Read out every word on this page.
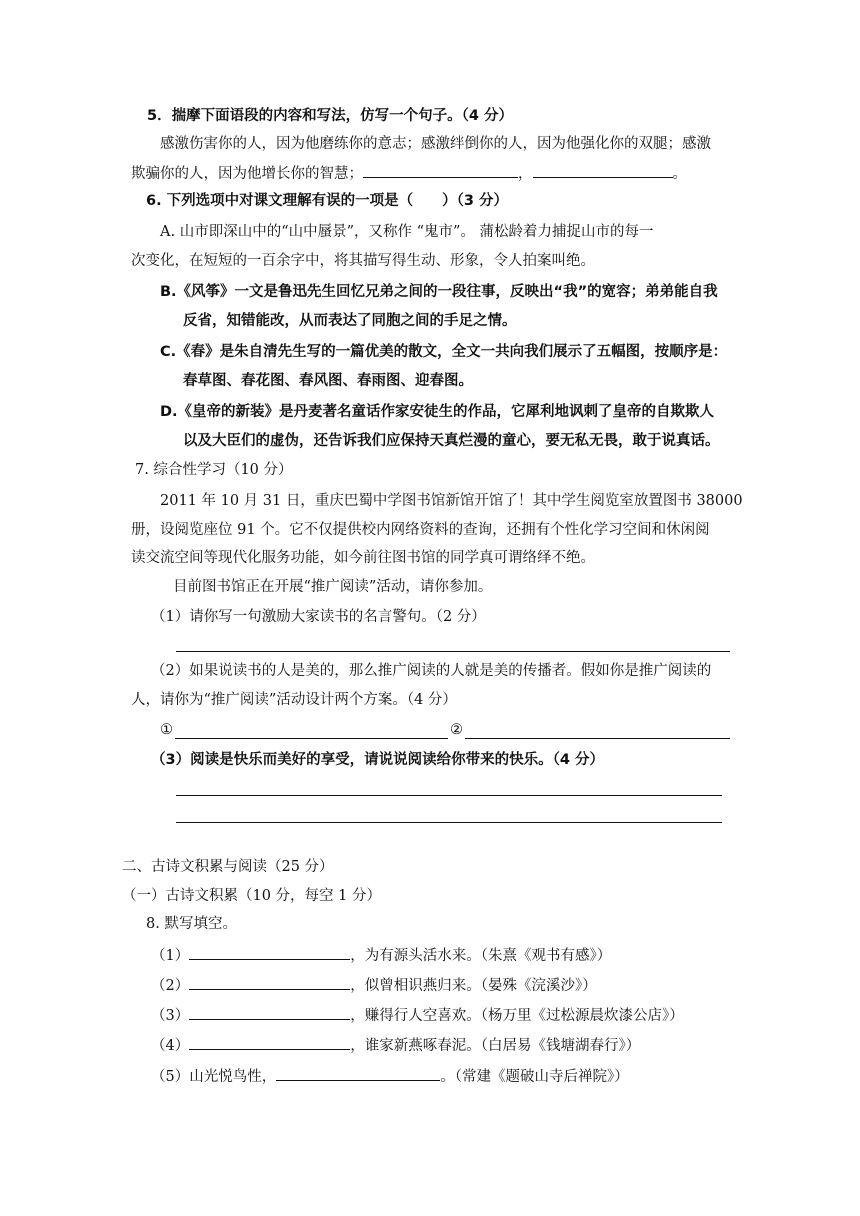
5．揣摩下面语段的内容和写法，仿写一个句子。（4 分）
感激伤害你的人，因为他磨练你的意志；感激绊倒你的人，因为他强化你的双腿；感激
欺骗你的人，因为他增长你的智慧；	，	。
6. 下列选项中对课文理解有误的一项是（　　）（3 分）
A. 山市即深山中的“山中蜃景”，又称作 “鬼市”。 蒲松龄着力捕捉山市的每一
次变化，在短短的一百余字中，将其描写得生动、形象，令人拍案叫绝。
B.《风筝》一文是鲁迅先生回忆兄弟之间的一段往事，反映出“我”的宽容；弟弟能自我
反省，知错能改，从而表达了同胞之间的手足之情。
C.《春》是朱自清先生写的一篇优美的散文，全文一共向我们展示了五幅图，按顺序是：
春草图、春花图、春风图、春雨图、迎春图。
D.《皇帝的新装》是丹麦著名童话作家安徒生的作品，它犀利地讽刺了皇帝的自欺欺人
以及大臣们的虚伪，还告诉我们应保持天真烂漫的童心，要无私无畏，敢于说真话。
7. 综合性学习（10 分）
2011 年 10 月 31 日，重庆巴蜀中学图书馆新馆开馆了！其中学生阅览室放置图书 38000
册，设阅览座位 91 个。它不仅提供校内网络资料的查询，还拥有个性化学习空间和休闲阅
读交流空间等现代化服务功能，如今前往图书馆的同学真可谓络绎不绝。
目前图书馆正在开展“推广阅读”活动，请你参加。
（1）请你写一句激励大家读书的名言警句。（2 分）
（2）如果说读书的人是美的，那么推广阅读的人就是美的传播者。假如你是推广阅读的
人，请你为“推广阅读”活动设计两个方案。（4 分）
①	②
（3）阅读是快乐而美好的享受，请说说阅读给你带来的快乐。（4 分）
二、古诗文积累与阅读（25 分）
（一）古诗文积累（10 分，每空 1 分）
8. 默写填空。
（1）	，为有源头活水来。（朱熹《观书有感》）
（2）	，似曾相识燕归来。（晏殊《浣溪沙》）
（3）	，赚得行人空喜欢。（杨万里《过松源晨炊漆公店》）
（4）	，谁家新燕啄春泥。（白居易《钱塘湖春行》）
（5）山光悦鸟性，	。（常建《题破山寺后禅院》）
